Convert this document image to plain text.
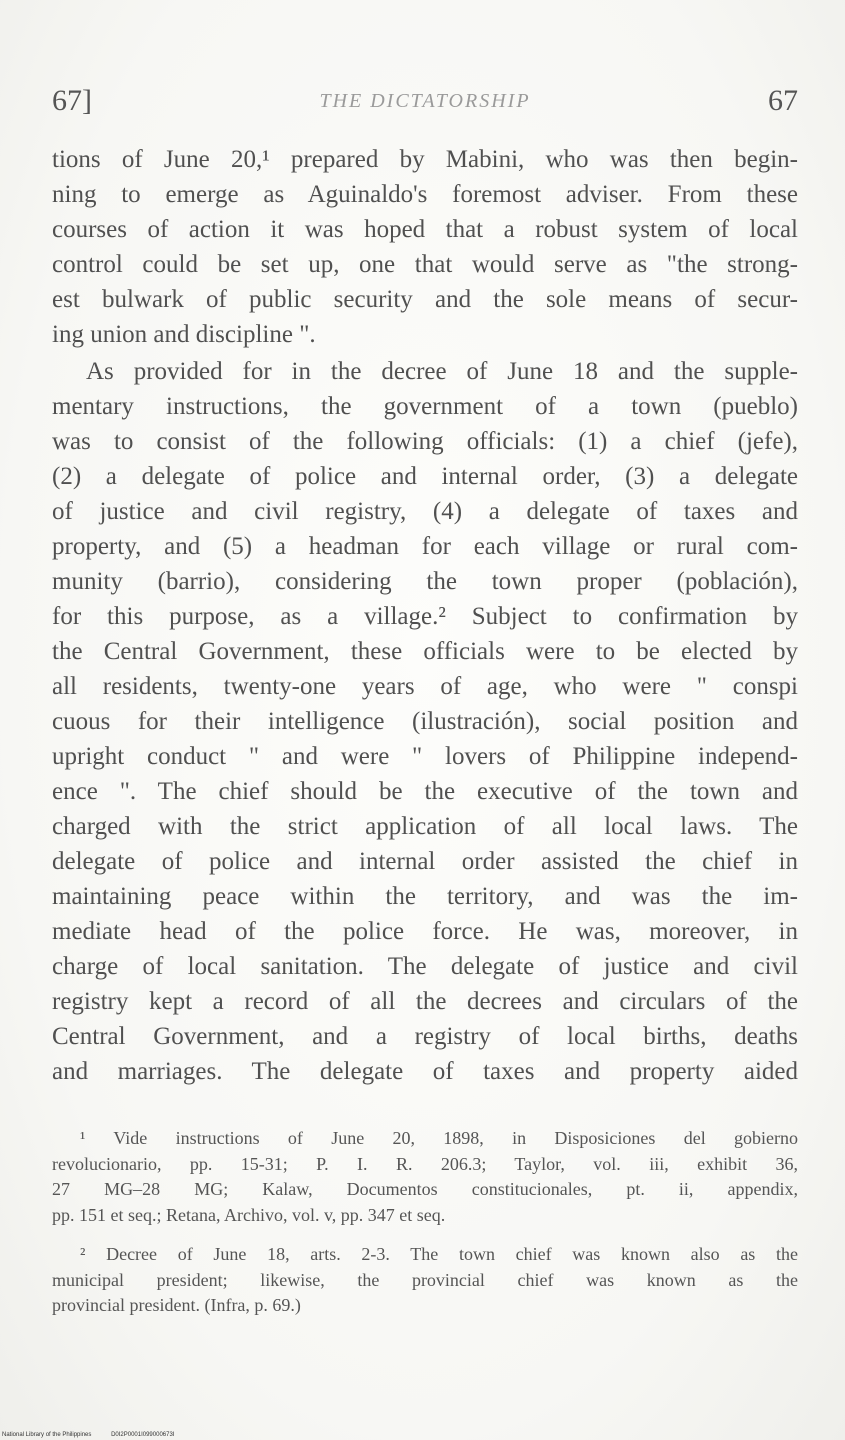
67]	THE DICTATORSHIP	67
tions of June 20,¹ prepared by Mabini, who was then begin-
ning to emerge as Aguinaldo's foremost adviser. From these
courses of action it was hoped that a robust system of local
control could be set up, one that would serve as "the strong-
est bulwark of public security and the sole means of secur-
ing union and discipline ".
As provided for in the decree of June 18 and the supple-
mentary instructions, the government of a town (pueblo)
was to consist of the following officials: (1) a chief (jefe),
(2) a delegate of police and internal order, (3) a delegate
of justice and civil registry, (4) a delegate of taxes and
property, and (5) a headman for each village or rural com-
munity (barrio), considering the town proper (población),
for this purpose, as a village.² Subject to confirmation by
the Central Government, these officials were to be elected by
all residents, twenty-one years of age, who were " conspi
cuous for their intelligence (ilustración), social position and
upright conduct " and were " lovers of Philippine independ-
ence ". The chief should be the executive of the town and
charged with the strict application of all local laws. The
delegate of police and internal order assisted the chief in
maintaining peace within the territory, and was the im-
mediate head of the police force. He was, moreover, in
charge of local sanitation. The delegate of justice and civil
registry kept a record of all the decrees and circulars of the
Central Government, and a registry of local births, deaths
and marriages. The delegate of taxes and property aided
¹ Vide instructions of June 20, 1898, in Disposiciones del gobierno
revolucionario, pp. 15-31; P. I. R. 206.3; Taylor, vol. iii, exhibit 36,
27 MG–28 MG; Kalaw, Documentos constitucionales, pt. ii, appendix,
pp. 151 et seq.; Retana, Archivo, vol. v, pp. 347 et seq.
² Decree of June 18, arts. 2-3. The town chief was known also as the
municipal president; likewise, the provincial chief was known as the
provincial president. (Infra, p. 69.)
National Library of the Philippines	D0I2P0001I099000673I
